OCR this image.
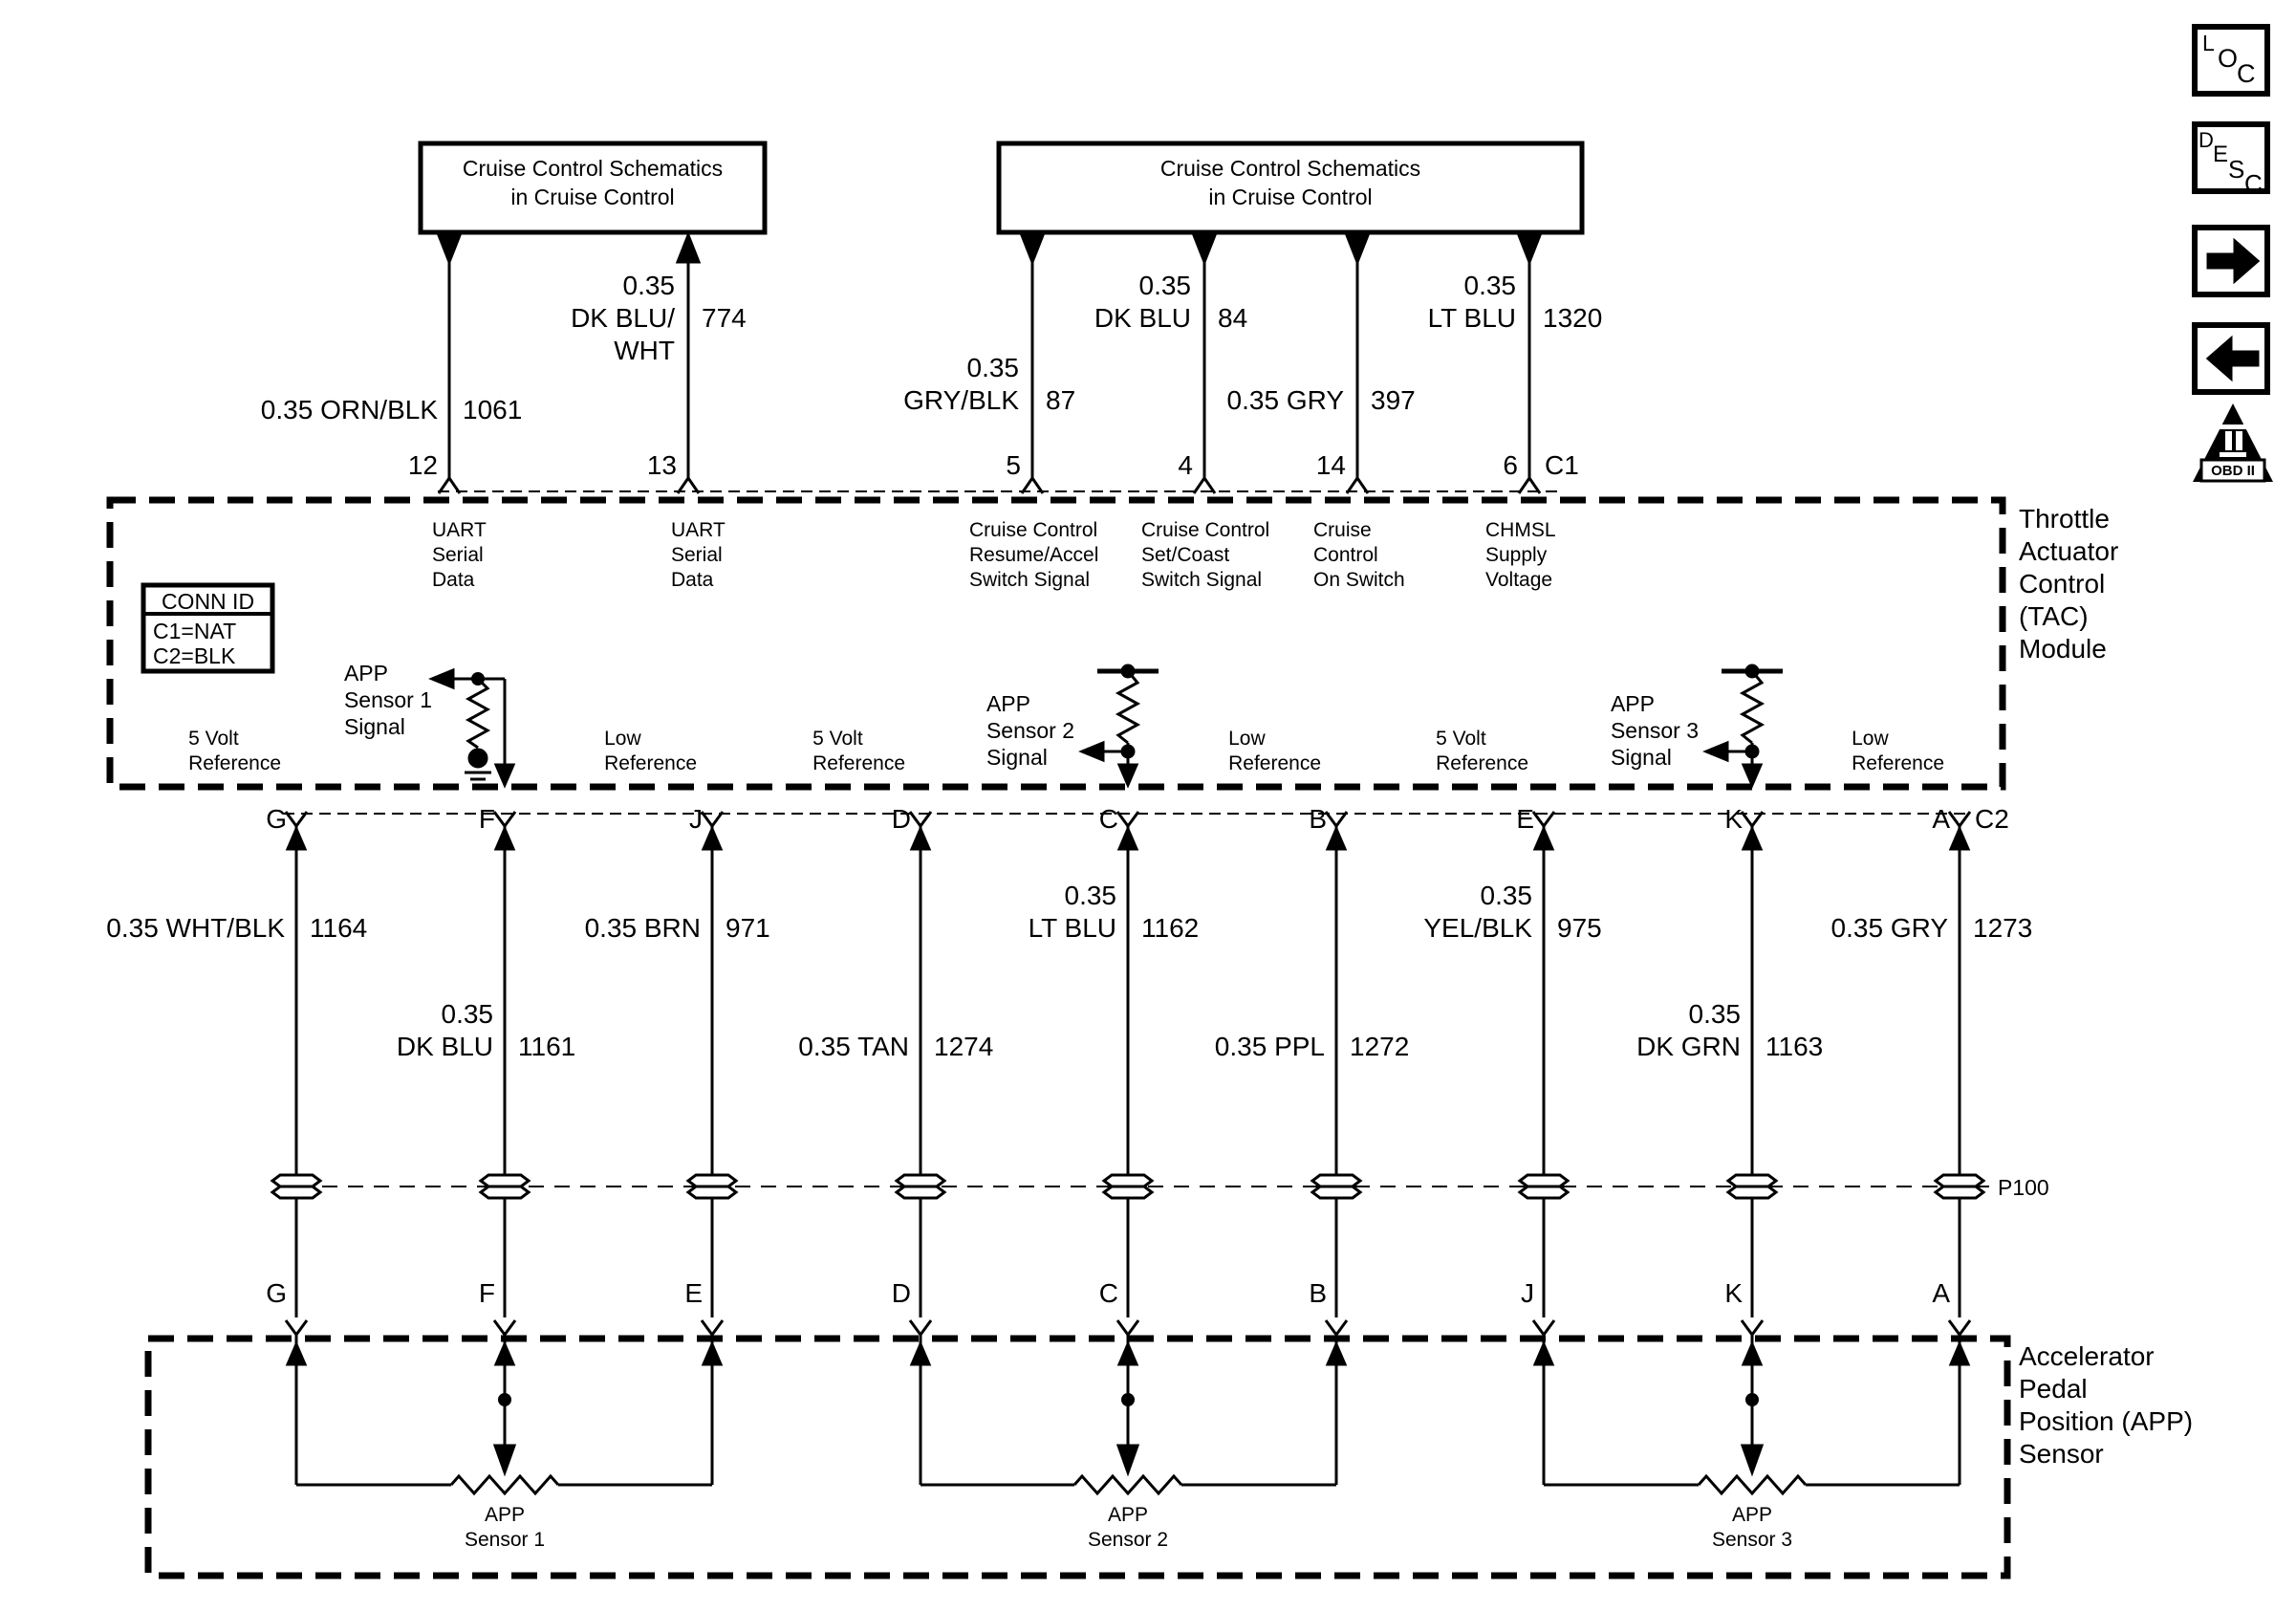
Cruise Control Schematics
in Cruise Control
Cruise Control Schematics
in Cruise Control
0.35 ORN/BLK 1061
0.35
DK BLU/
WHT
774
0.35
GRY/BLK 87
0.35
DK BLU 84
0.35 GRY 397
0.35
LT BLU 1320
12	13	5	4	14	6 C1
UART
Serial
Data
UART
Serial
Data
Cruise Control
Resume/Accel
Switch Signal
Cruise Control
Set/Coast
Switch Signal
Cruise
Control
On Switch
CHMSL
Supply
Voltage
CONN ID
C1=NAT
C2=BLK
APP
Sensor 1
Signal
APP
Sensor 2
Signal
APP
Sensor 3
Signal
5 Volt
Reference
Low
Reference
5 Volt
Reference
Low
Reference
5 Volt
Reference
Low
Reference
Throttle
Actuator
Control
(TAC)
Module
G	F	J	D	C	B	E	K	A C2
0.35 WHT/BLK 1164	0.35 BRN 971
0.35
LT BLU 1162
0.35
YEL/BLK 975	0.35 GRY 1273
0.35
DK BLU 1161	0.35 TAN 1274	0.35 PPL 1272
0.35
DK GRN 1163
P100
G	F	E	D	C	B	J	K	A
APP
Sensor 1
APP
Sensor 2
APP
Sensor 3
Accelerator
Pedal
Position (APP)
Sensor
L
O
C
D
E
S C
OBD II
